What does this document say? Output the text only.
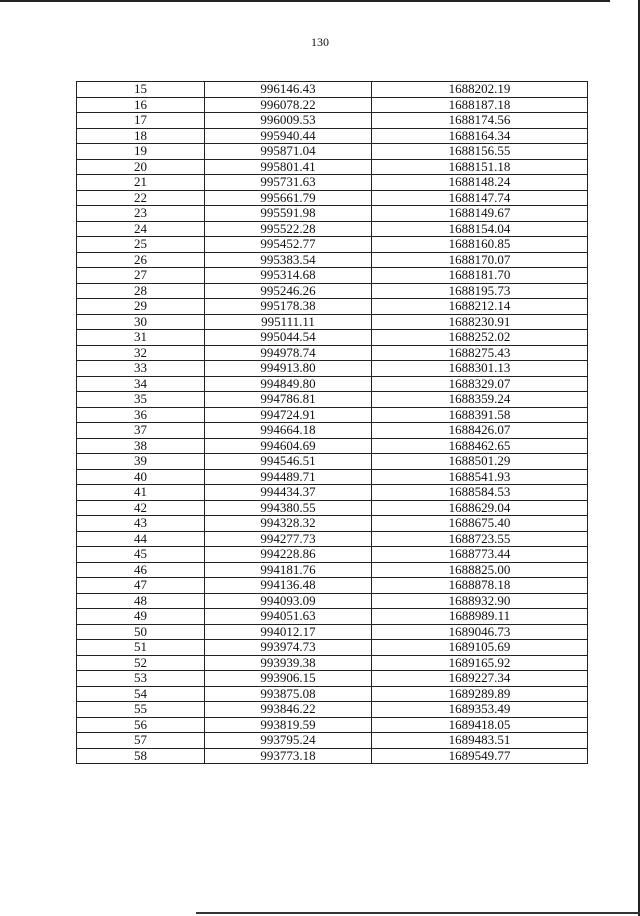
130
15	996146.43	1688202.19
16	996078.22	1688187.18
17	996009.53	1688174.56
18	995940.44	1688164.34
19	995871.04	1688156.55
20	995801.41	1688151.18
21	995731.63	1688148.24
22	995661.79	1688147.74
23	995591.98	1688149.67
24	995522.28	1688154.04
25	995452.77	1688160.85
26	995383.54	1688170.07
27	995314.68	1688181.70
28	995246.26	1688195.73
29	995178.38	1688212.14
30	995111.11	1688230.91
31	995044.54	1688252.02
32	994978.74	1688275.43
33	994913.80	1688301.13
34	994849.80	1688329.07
35	994786.81	1688359.24
36	994724.91	1688391.58
37	994664.18	1688426.07
38	994604.69	1688462.65
39	994546.51	1688501.29
40	994489.71	1688541.93
41	994434.37	1688584.53
42	994380.55	1688629.04
43	994328.32	1688675.40
44	994277.73	1688723.55
45	994228.86	1688773.44
46	994181.76	1688825.00
47	994136.48	1688878.18
48	994093.09	1688932.90
49	994051.63	1688989.11
50	994012.17	1689046.73
51	993974.73	1689105.69
52	993939.38	1689165.92
53	993906.15	1689227.34
54	993875.08	1689289.89
55	993846.22	1689353.49
56	993819.59	1689418.05
57	993795.24	1689483.51
58	993773.18	1689549.77
